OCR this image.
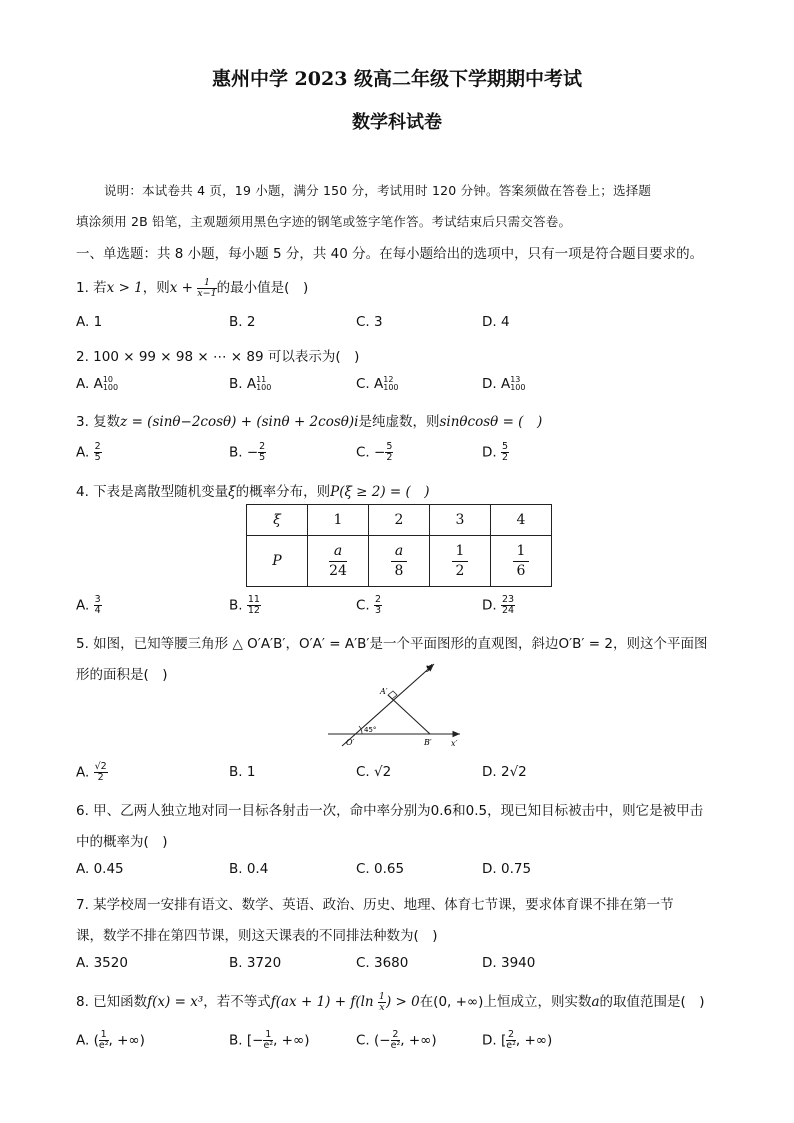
惠州中学 2023 级高二年级下学期期中考试
数学科试卷
说明：本试卷共 4 页，19 小题，满分 150 分，考试用时 120 分钟。答案须做在答卷上；选择题
填涂须用 2B 铅笔，主观题须用黑色字迹的钢笔或签字笔作答。考试结束后只需交答卷。
一、单选题：共 8 小题，每小题 5 分，共 40 分。在每小题给出的选项中，只有一项是符合题目要求的。
1. 若x > 1，则$x + \frac{1}{x-1}$ 的最小值是(　)
A. 1	B. 2	C. 3	D. 4
2. 100 × 99 × 98 × ⋯ × 89 可以表示为(　)
A. A 10
100	B. A 11
100	C. A 12
100	D. A 13
100
3. 复数z = (sinθ−2cosθ) + (sinθ + 2cosθ)i是纯虚数，则sinθcosθ = (　)
A. $\frac{2}{5}$	B. − $\frac{2}{5}$	C. − $\frac{5}{2}$	D. $\frac{5}{2}$
4. 下表是离散型随机变量ξ的概率分布，则P(ξ ≥ 2) = (　)
ξ	1	2	3	4
P	$\frac{a}{24}$	$\frac{a}{8}$	$\frac{1}{2}$	$\frac{1}{6}$
A. $\frac{3}{4}$	B. $\frac{11}{12}$	C. $\frac{2}{3}$	D. $\frac{23}{24}$
5. 如图，已知等腰三角形 △ O′A′B′，O′A′ = A′B′是一个平面图形的直观图，斜边O′B′ = 2，则这个平面图
形的面积是(　)
A′
y′
45°
O′	B′ x′
A. $\frac{√2}{2}$	B. 1	C. √2	D. 2√2
6. 甲、乙两人独立地对同一目标各射击一次，命中率分别为0.6和0.5，现已知目标被击中，则它是被甲击
中的概率为(　)
A. 0.45	B. 0.4	C. 0.65	D. 0.75
7. 某学校周一安排有语文、数学、英语、政治、历史、地理、体育七节课，要求体育课不排在第一节
课，数学不排在第四节课，则这天课表的不同排法种数为(　)
A. 3520	B. 3720	C. 3680	D. 3940
8. 已知函数f(x) = x³，若不等式$f(ax + 1) + f(\ln \frac{1}{x}$ ) > 0在(0, +∞)上恒成立，则实数a的取值范围是(　)
A. ( $\frac{1}{\text{e²}}$ , +∞)	B. [− $\frac{1}{\text{e²}}$ , +∞)	C. (− $\frac{2}{\text{e²}}$ , +∞)	D. [ $\frac{2}{\text{e²}}$ , +∞)
